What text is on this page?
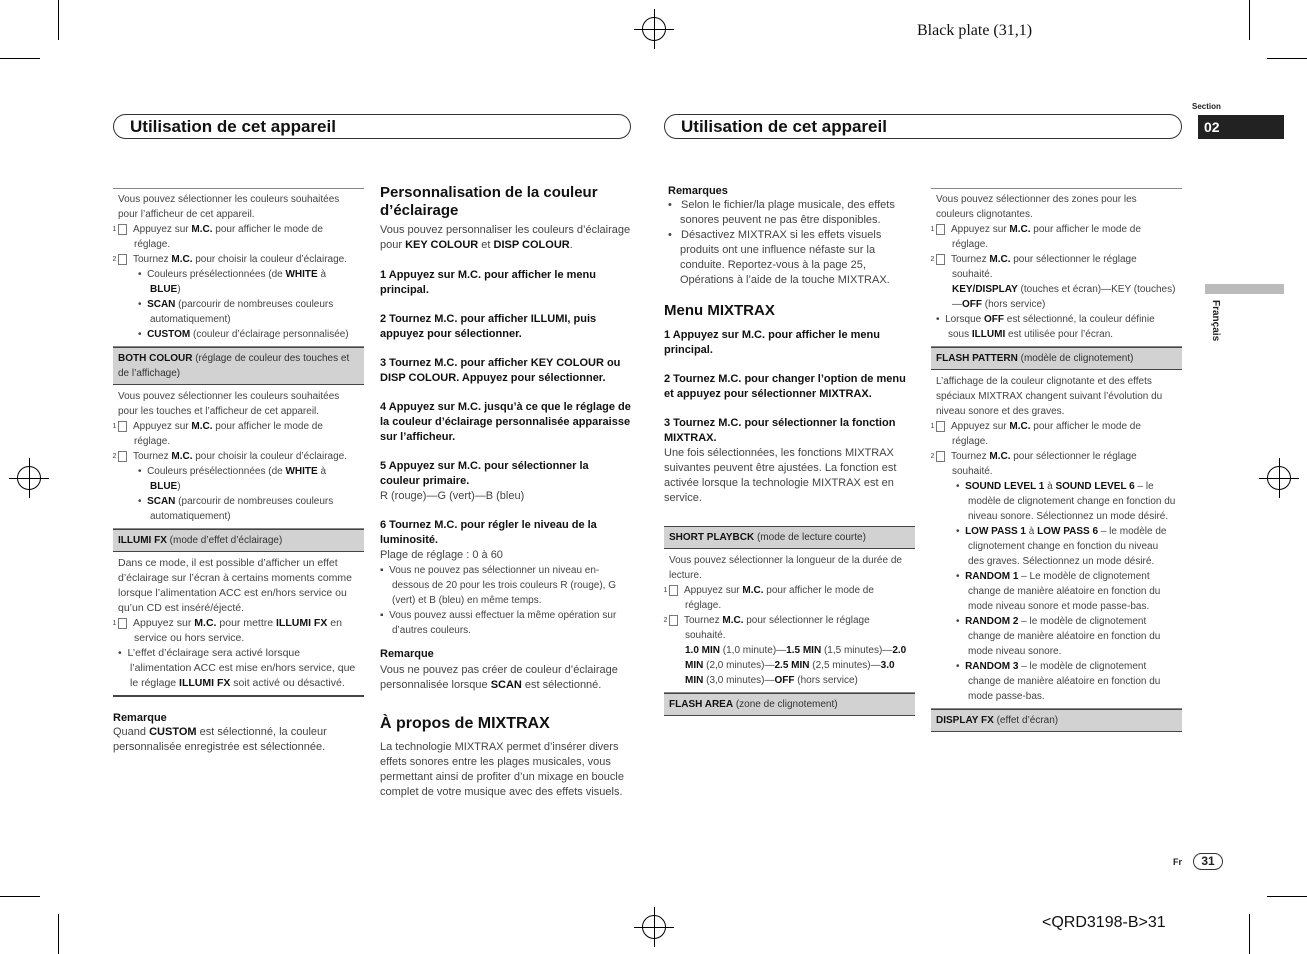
Black plate (31,1)
Utilisation de cet appareil	Utilisation de cet appareil
Section
02
Français

Vous pouvez sélectionner les couleurs souhaitées pour l’afficheur de cet appareil.

1 Appuyez sur M.C. pour afficher le mode de réglage.

2 Tournez M.C. pour choisir la couleur d’éclairage.

•  Couleurs présélectionnées (de WHITE à BLUE)

•  SCAN (parcourir de nombreuses couleurs automatiquement)

•  CUSTOM (couleur d’éclairage personnalisée)

BOTH COLOUR (réglage de couleur des touches et de l’affichage)

Vous pouvez sélectionner les couleurs souhaitées pour les touches et l’afficheur de cet appareil.

1 Appuyez sur M.C. pour afficher le mode de réglage.

2 Tournez M.C. pour choisir la couleur d’éclairage.

•  Couleurs présélectionnées (de WHITE à BLUE)

•  SCAN (parcourir de nombreuses couleurs automatiquement)

ILLUMI FX (mode d’effet d’éclairage)

Dans ce mode, il est possible d’afficher un effet d’éclairage sur l’écran à certains moments comme lorsque l’alimentation ACC est en/hors service ou qu’un CD est inséré/éjecté.

1 Appuyez sur M.C. pour mettre ILLUMI FX en service ou hors service.

•  L’effet d’éclairage sera activé lorsque l’alimentation ACC est mise en/hors service, que le réglage ILLUMI FX soit activé ou désactivé.

Remarque

Quand CUSTOM est sélectionné, la couleur personnalisée enregistrée est sélectionnée.

Personnalisation de la couleur d’éclairage

Vous pouvez personnaliser les couleurs d’éclairage pour KEY COLOUR et DISP COLOUR.

1 Appuyez sur M.C. pour afficher le menu principal.

2 Tournez M.C. pour afficher ILLUMI, puis appuyez pour sélectionner.

3 Tournez M.C. pour afficher KEY COLOUR ou DISP COLOUR. Appuyez pour sélectionner.

4 Appuyez sur M.C. jusqu’à ce que le réglage de la couleur d’éclairage personnalisée apparaisse sur l’afficheur.

5 Appuyez sur M.C. pour sélectionner la couleur primaire.

R (rouge)—G (vert)—B (bleu)

6 Tournez M.C. pour régler le niveau de la luminosité.

Plage de réglage : 0 à 60

▪  Vous ne pouvez pas sélectionner un niveau en-dessous de 20 pour les trois couleurs R (rouge), G (vert) et B (bleu) en même temps.

▪  Vous pouvez aussi effectuer la même opération sur d’autres couleurs.

Remarque

Vous ne pouvez pas créer de couleur d’éclairage personnalisée lorsque SCAN est sélectionné.

À propos de MIXTRAX

La technologie MIXTRAX permet d’insérer divers effets sonores entre les plages musicales, vous permettant ainsi de profiter d’un mixage en boucle complet de votre musique avec des effets visuels.

Remarques

•   Selon le fichier/la plage musicale, des effets sonores peuvent ne pas être disponibles.

•   Désactivez MIXTRAX si les effets visuels produits ont une influence néfaste sur la conduite. Reportez-vous à la page 25, Opérations à l’aide de la touche MIXTRAX.

Menu MIXTRAX

1 Appuyez sur M.C. pour afficher le menu principal.

2 Tournez M.C. pour changer l’option de menu et appuyez pour sélectionner MIXTRAX.

3 Tournez M.C. pour sélectionner la fonction MIXTRAX.

Une fois sélectionnées, les fonctions MIXTRAX suivantes peuvent être ajustées. La fonction est activée lorsque la technologie MIXTRAX est en service.

SHORT PLAYBCK (mode de lecture courte)

Vous pouvez sélectionner la longueur de la durée de lecture.

1 Appuyez sur M.C. pour afficher le mode de réglage.

2 Tournez M.C. pour sélectionner le réglage souhaité.

1.0 MIN (1,0 minute)—1.5 MIN (1,5 minutes)—2.0 MIN (2,0 minutes)—2.5 MIN (2,5 minutes)—3.0 MIN (3,0 minutes)—OFF (hors service)

FLASH AREA (zone de clignotement)

Vous pouvez sélectionner des zones pour les couleurs clignotantes.

1 Appuyez sur M.C. pour afficher le mode de réglage.

2 Tournez M.C. pour sélectionner le réglage souhaité.

KEY/DISPLAY (touches et écran)—KEY (touches)—OFF (hors service)

•  Lorsque OFF est sélectionné, la couleur définie sous ILLUMI est utilisée pour l’écran.

FLASH PATTERN (modèle de clignotement)

L’affichage de la couleur clignotante et des effets spéciaux MIXTRAX changent suivant l’évolution du niveau sonore et des graves.

1 Appuyez sur M.C. pour afficher le mode de réglage.

2 Tournez M.C. pour sélectionner le réglage souhaité.

•  SOUND LEVEL 1 à SOUND LEVEL 6 – le modèle de clignotement change en fonction du niveau sonore. Sélectionnez un mode désiré.

•  LOW PASS 1 à LOW PASS 6 – le modèle de clignotement change en fonction du niveau des graves. Sélectionnez un mode désiré.

•  RANDOM 1 – Le modèle de clignotement change de manière aléatoire en fonction du mode niveau sonore et mode passe-bas.

•  RANDOM 2 – le modèle de clignotement change de manière aléatoire en fonction du mode niveau sonore.

•  RANDOM 3 – le modèle de clignotement change de manière aléatoire en fonction du mode passe-bas.

DISPLAY FX (effet d’écran)
Fr	31
<QRD3198-B>31
